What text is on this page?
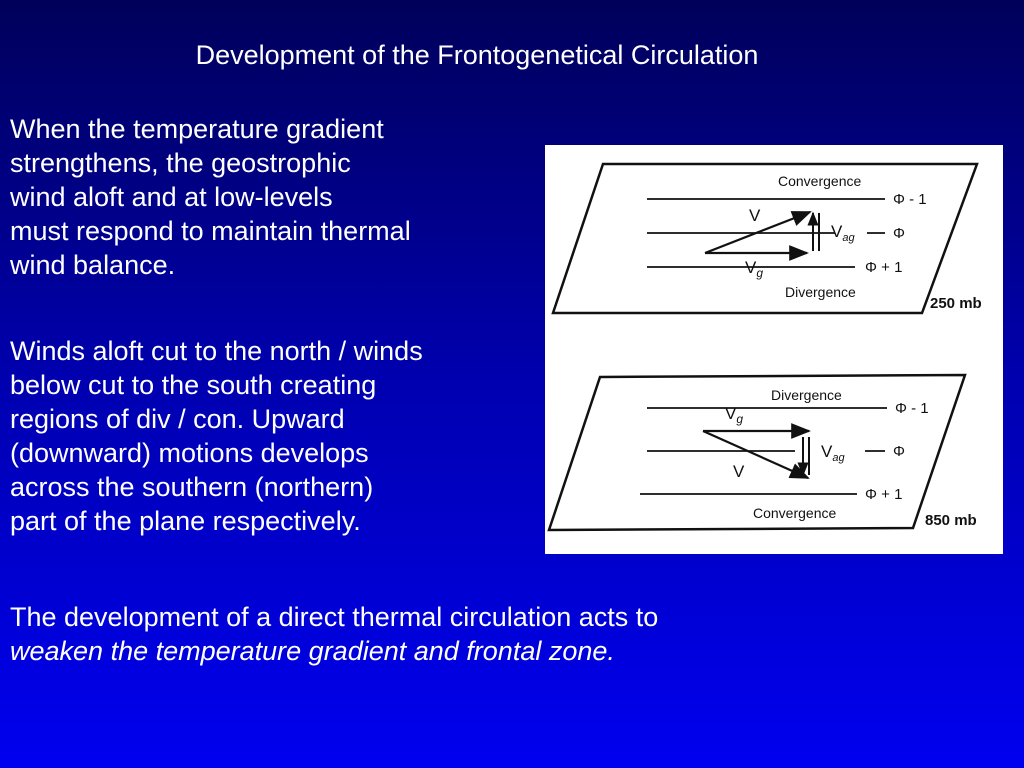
Development of the Frontogenetical Circulation

When the temperature gradient
strengthens, the geostrophic
wind aloft and at low-levels
must respond to maintain thermal
wind balance.

Winds aloft cut to the north / winds
below cut to the south creating
regions of div / con. Upward
(downward) motions develops
across the southern (northern)
part of the plane respectively.

The development of a direct thermal circulation acts to
weaken the temperature gradient and frontal zone.

Convergence
Divergence
Φ - 1
Φ
Φ + 1
V
$V_g$
$V_{ag}$
250 mb
Divergence
Convergence
Φ - 1
Φ
Φ + 1
$V_g$
V
$V_{ag}$
850 mb
